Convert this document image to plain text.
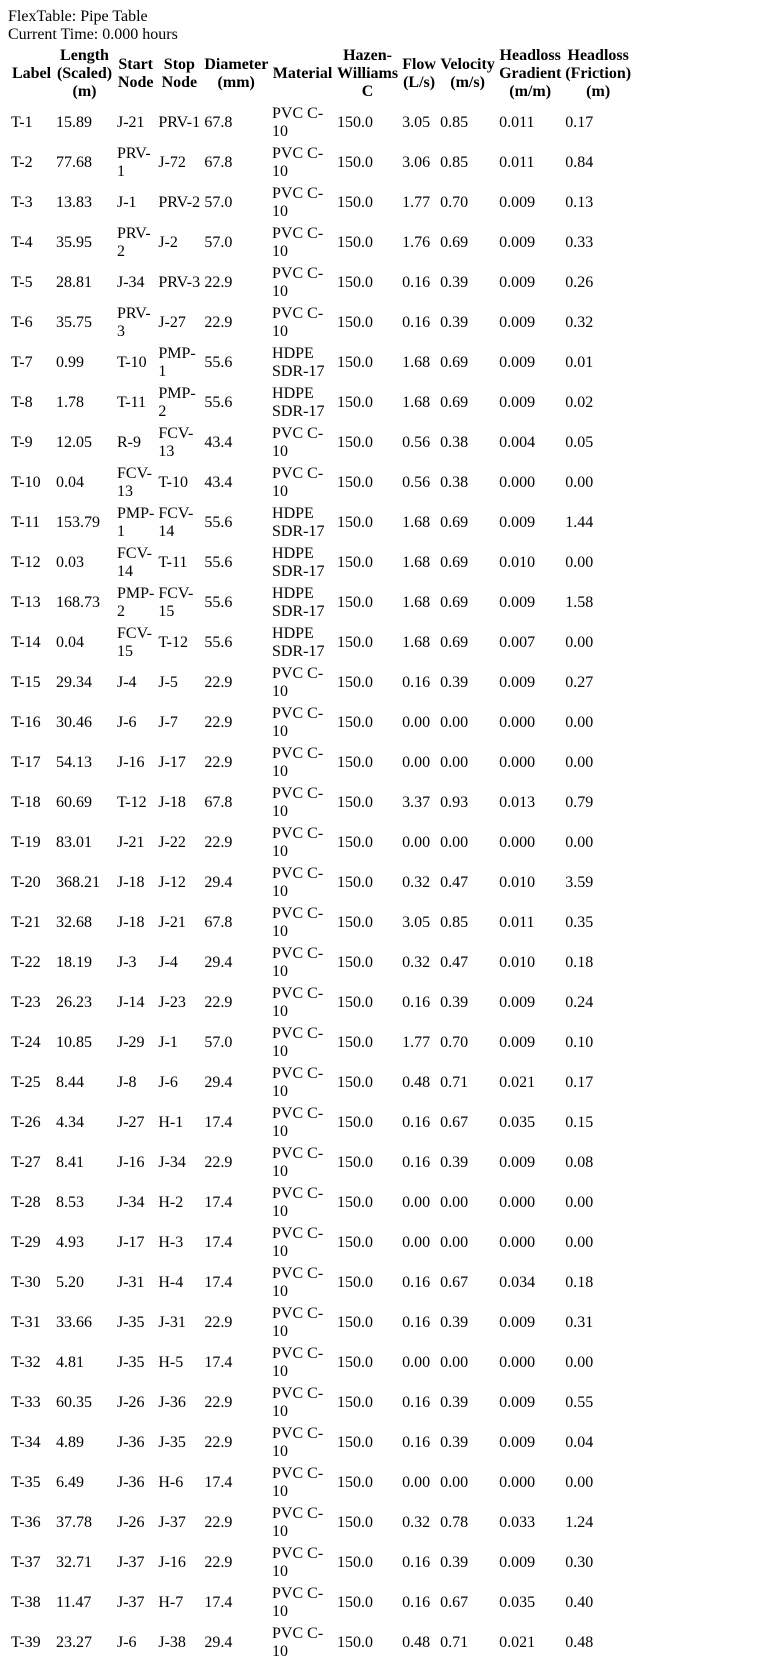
FlexTable: Pipe Table
Current Time: 0.000 hours
Label	Length (Scaled) (m)	Start Node	Stop Node	Diameter (mm)	Material	Hazen-Williams C	Flow (L/s)	Velocity (m/s)	Headloss Gradient (m/m)	Headloss (Friction) (m)
T-1	15.89	J-21	PRV-1	67.8	PVC C-10	150.0	3.05	0.85	0.011	0.17
T-2	77.68	PRV-1	J-72	67.8	PVC C-10	150.0	3.06	0.85	0.011	0.84
T-3	13.83	J-1	PRV-2	57.0	PVC C-10	150.0	1.77	0.70	0.009	0.13
T-4	35.95	PRV-2	J-2	57.0	PVC C-10	150.0	1.76	0.69	0.009	0.33
T-5	28.81	J-34	PRV-3	22.9	PVC C-10	150.0	0.16	0.39	0.009	0.26
T-6	35.75	PRV-3	J-27	22.9	PVC C-10	150.0	0.16	0.39	0.009	0.32
T-7	0.99	T-10	PMP-1	55.6	HDPE SDR-17	150.0	1.68	0.69	0.009	0.01
T-8	1.78	T-11	PMP-2	55.6	HDPE SDR-17	150.0	1.68	0.69	0.009	0.02
T-9	12.05	R-9	FCV-13	43.4	PVC C-10	150.0	0.56	0.38	0.004	0.05
T-10	0.04	FCV-13	T-10	43.4	PVC C-10	150.0	0.56	0.38	0.000	0.00
T-11	153.79	PMP-1	FCV-14	55.6	HDPE SDR-17	150.0	1.68	0.69	0.009	1.44
T-12	0.03	FCV-14	T-11	55.6	HDPE SDR-17	150.0	1.68	0.69	0.010	0.00
T-13	168.73	PMP-2	FCV-15	55.6	HDPE SDR-17	150.0	1.68	0.69	0.009	1.58
T-14	0.04	FCV-15	T-12	55.6	HDPE SDR-17	150.0	1.68	0.69	0.007	0.00
T-15	29.34	J-4	J-5	22.9	PVC C-10	150.0	0.16	0.39	0.009	0.27
T-16	30.46	J-6	J-7	22.9	PVC C-10	150.0	0.00	0.00	0.000	0.00
T-17	54.13	J-16	J-17	22.9	PVC C-10	150.0	0.00	0.00	0.000	0.00
T-18	60.69	T-12	J-18	67.8	PVC C-10	150.0	3.37	0.93	0.013	0.79
T-19	83.01	J-21	J-22	22.9	PVC C-10	150.0	0.00	0.00	0.000	0.00
T-20	368.21	J-18	J-12	29.4	PVC C-10	150.0	0.32	0.47	0.010	3.59
T-21	32.68	J-18	J-21	67.8	PVC C-10	150.0	3.05	0.85	0.011	0.35
T-22	18.19	J-3	J-4	29.4	PVC C-10	150.0	0.32	0.47	0.010	0.18
T-23	26.23	J-14	J-23	22.9	PVC C-10	150.0	0.16	0.39	0.009	0.24
T-24	10.85	J-29	J-1	57.0	PVC C-10	150.0	1.77	0.70	0.009	0.10
T-25	8.44	J-8	J-6	29.4	PVC C-10	150.0	0.48	0.71	0.021	0.17
T-26	4.34	J-27	H-1	17.4	PVC C-10	150.0	0.16	0.67	0.035	0.15
T-27	8.41	J-16	J-34	22.9	PVC C-10	150.0	0.16	0.39	0.009	0.08
T-28	8.53	J-34	H-2	17.4	PVC C-10	150.0	0.00	0.00	0.000	0.00
T-29	4.93	J-17	H-3	17.4	PVC C-10	150.0	0.00	0.00	0.000	0.00
T-30	5.20	J-31	H-4	17.4	PVC C-10	150.0	0.16	0.67	0.034	0.18
T-31	33.66	J-35	J-31	22.9	PVC C-10	150.0	0.16	0.39	0.009	0.31
T-32	4.81	J-35	H-5	17.4	PVC C-10	150.0	0.00	0.00	0.000	0.00
T-33	60.35	J-26	J-36	22.9	PVC C-10	150.0	0.16	0.39	0.009	0.55
T-34	4.89	J-36	J-35	22.9	PVC C-10	150.0	0.16	0.39	0.009	0.04
T-35	6.49	J-36	H-6	17.4	PVC C-10	150.0	0.00	0.00	0.000	0.00
T-36	37.78	J-26	J-37	22.9	PVC C-10	150.0	0.32	0.78	0.033	1.24
T-37	32.71	J-37	J-16	22.9	PVC C-10	150.0	0.16	0.39	0.009	0.30
T-38	11.47	J-37	H-7	17.4	PVC C-10	150.0	0.16	0.67	0.035	0.40
T-39	23.27	J-6	J-38	29.4	PVC C-10	150.0	0.48	0.71	0.021	0.48
